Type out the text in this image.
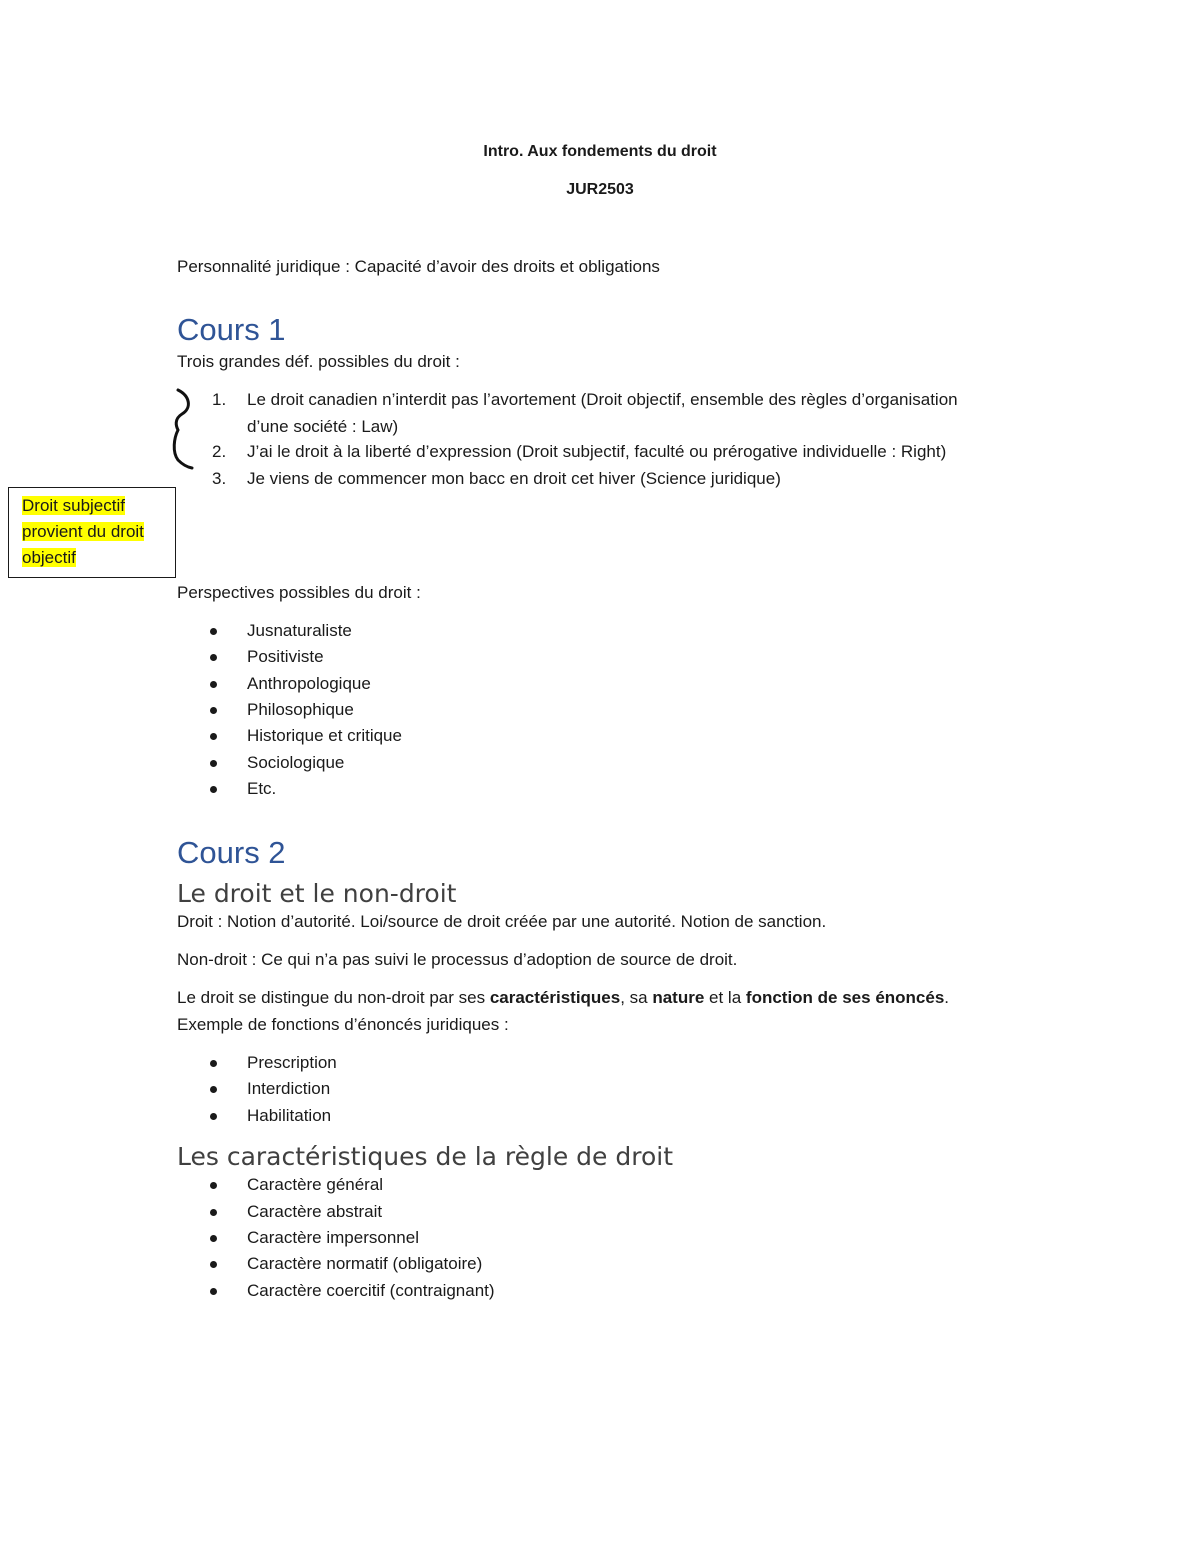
Intro. Aux fondements du droit
JUR2503
Personnalité juridique : Capacité d’avoir des droits et obligations
Cours 1
Trois grandes déf. possibles du droit :
1. Le droit canadien n’interdit pas l’avortement (Droit objectif, ensemble des règles d’organisation
d’une société : Law)
2. J’ai le droit à la liberté d’expression (Droit subjectif, faculté ou prérogative individuelle : Right)
3. Je viens de commencer mon bacc en droit cet hiver (Science juridique)
Droit subjectif
provient du droit
objectif
Perspectives possibles du droit :
Jusnaturaliste
Positiviste
Anthropologique
Philosophique
Historique et critique
Sociologique
Etc.
Cours 2
Le droit et le non-droit
Droit : Notion d’autorité. Loi/source de droit créée par une autorité. Notion de sanction.
Non-droit : Ce qui n’a pas suivi le processus d’adoption de source de droit.
Le droit se distingue du non-droit par ses caractéristiques, sa nature et la fonction de ses énoncés.
Exemple de fonctions d’énoncés juridiques :
Prescription
Interdiction
Habilitation
Les caractéristiques de la règle de droit
Caractère général
Caractère abstrait
Caractère impersonnel
Caractère normatif (obligatoire)
Caractère coercitif (contraignant)
